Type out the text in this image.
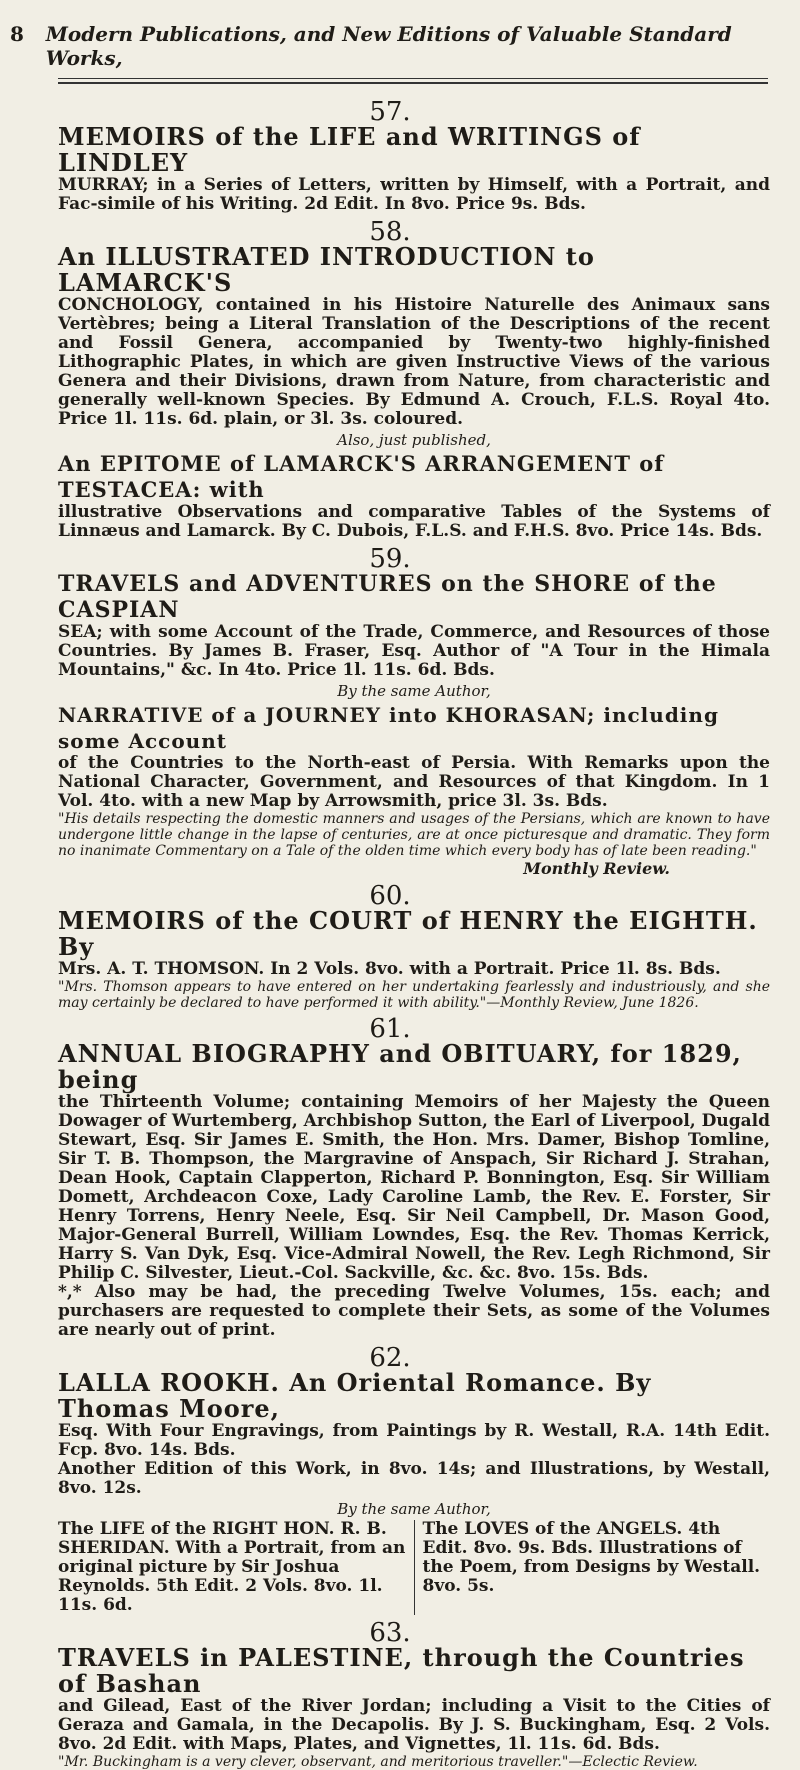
8	Modern Publications, and New Editions of Valuable Standard Works,
57.
MEMOIRS of the LIFE and WRITINGS of LINDLEY
MURRAY; in a Series of Letters, written by Himself, with a Portrait, and Fac-simile of his Writing. 2d Edit. In 8vo. Price 9s. Bds.
58.
An ILLUSTRATED INTRODUCTION to LAMARCK'S
CONCHOLOGY, contained in his Histoire Naturelle des Animaux sans Vertèbres; being a Literal Translation of the Descriptions of the recent and Fossil Genera, accompanied by Twenty-two highly-finished Lithographic Plates, in which are given Instructive Views of the various Genera and their Divisions, drawn from Nature, from characteristic and generally well-known Species. By Edmund A. Crouch, F.L.S. Royal 4to. Price 1l. 11s. 6d. plain, or 3l. 3s. coloured.
Also, just published,
An EPITOME of LAMARCK'S ARRANGEMENT of TESTACEA: with
illustrative Observations and comparative Tables of the Systems of Linnæus and Lamarck. By C. Dubois, F.L.S. and F.H.S. 8vo. Price 14s. Bds.
59.
TRAVELS and ADVENTURES on the SHORE of the CASPIAN
SEA; with some Account of the Trade, Commerce, and Resources of those Countries. By James B. Fraser, Esq. Author of "A Tour in the Himala Mountains," &c. In 4to. Price 1l. 11s. 6d. Bds.
By the same Author,
NARRATIVE of a JOURNEY into KHORASAN; including some Account
of the Countries to the North-east of Persia. With Remarks upon the National Character, Government, and Resources of that Kingdom. In 1 Vol. 4to. with a new Map by Arrowsmith, price 3l. 3s. Bds.
"His details respecting the domestic manners and usages of the Persians, which are known to have undergone little change in the lapse of centuries, are at once picturesque and dramatic. They form no inanimate Commentary on a Tale of the olden time which every body has of late been reading."
Monthly Review.
60.
MEMOIRS of the COURT of HENRY the EIGHTH. By
Mrs. A. T. THOMSON. In 2 Vols. 8vo. with a Portrait. Price 1l. 8s. Bds.
"Mrs. Thomson appears to have entered on her undertaking fearlessly and industriously, and she may certainly be declared to have performed it with ability."—Monthly Review, June 1826.
61.
ANNUAL BIOGRAPHY and OBITUARY, for 1829, being
the Thirteenth Volume; containing Memoirs of her Majesty the Queen Dowager of Wurtemberg, Archbishop Sutton, the Earl of Liverpool, Dugald Stewart, Esq. Sir James E. Smith, the Hon. Mrs. Damer, Bishop Tomline, Sir T. B. Thompson, the Margravine of Anspach, Sir Richard J. Strahan, Dean Hook, Captain Clapperton, Richard P. Bonnington, Esq. Sir William Domett, Archdeacon Coxe, Lady Caroline Lamb, the Rev. E. Forster, Sir Henry Torrens, Henry Neele, Esq. Sir Neil Campbell, Dr. Mason Good, Major-General Burrell, William Lowndes, Esq. the Rev. Thomas Kerrick, Harry S. Van Dyk, Esq. Vice-Admiral Nowell, the Rev. Legh Richmond, Sir Philip C. Silvester, Lieut.-Col. Sackville, &c. &c. 8vo. 15s. Bds.
*,* Also may be had, the preceding Twelve Volumes, 15s. each; and purchasers are requested to complete their Sets, as some of the Volumes are nearly out of print.
62.
LALLA ROOKH. An Oriental Romance. By Thomas Moore,
Esq. With Four Engravings, from Paintings by R. Westall, R.A. 14th Edit. Fcp. 8vo. 14s. Bds.
Another Edition of this Work, in 8vo. 14s; and Illustrations, by Westall, 8vo. 12s.
By the same Author,
The LIFE of the RIGHT HON. R. B. SHERIDAN. With a Portrait, from an original picture by Sir Joshua Reynolds. 5th Edit. 2 Vols. 8vo. 1l. 11s. 6d.
The LOVES of the ANGELS. 4th Edit. 8vo. 9s. Bds. Illustrations of the Poem, from Designs by Westall. 8vo. 5s.
63.
TRAVELS in PALESTINE, through the Countries of Bashan
and Gilead, East of the River Jordan; including a Visit to the Cities of Geraza and Gamala, in the Decapolis. By J. S. Buckingham, Esq. 2 Vols. 8vo. 2d Edit. with Maps, Plates, and Vignettes, 1l. 11s. 6d. Bds.
"Mr. Buckingham is a very clever, observant, and meritorious traveller."—Eclectic Review.
